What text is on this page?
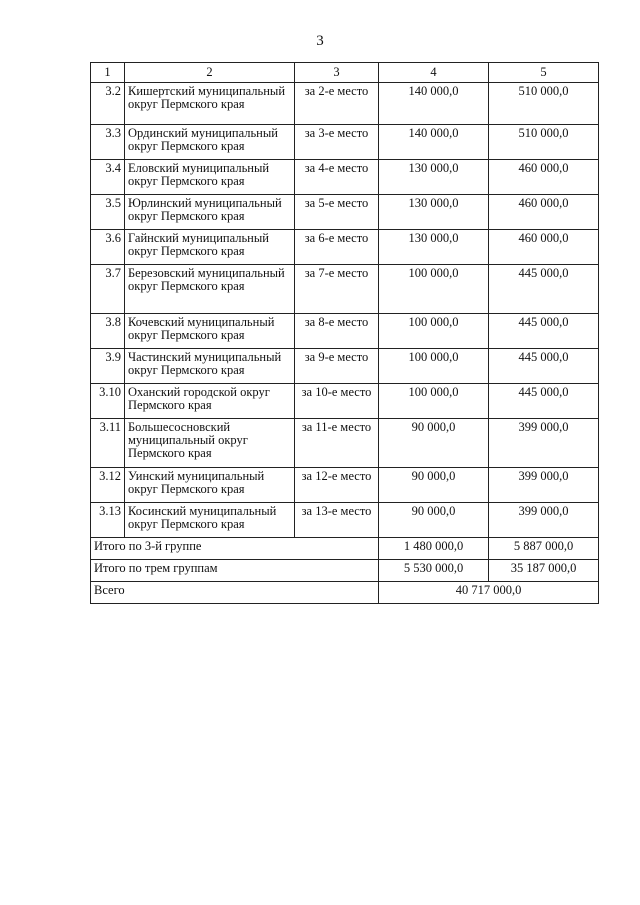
3
1	2	3	4	5
3.2	Кишертский муниципальный округ Пермского края	за 2-е место	140 000,0	510 000,0
3.3	Ординский муниципальный округ Пермского края	за 3-е место	140 000,0	510 000,0
3.4	Еловский муниципальный округ Пермского края	за 4-е место	130 000,0	460 000,0
3.5	Юрлинский муниципальный округ Пермского края	за 5-е место	130 000,0	460 000,0
3.6	Гайнский муниципальный округ Пермского края	за 6-е место	130 000,0	460 000,0
3.7	Березовский муниципальный округ Пермского края	за 7-е место	100 000,0	445 000,0
3.8	Кочевский муниципальный округ Пермского края	за 8-е место	100 000,0	445 000,0
3.9	Частинский муниципальный округ Пермского края	за 9-е место	100 000,0	445 000,0
3.10	Оханский городской округ Пермского края	за 10-е место	100 000,0	445 000,0
3.11	Большесосновский муниципальный округ Пермского края	за 11-е место	90 000,0	399 000,0
3.12	Уинский муниципальный округ Пермского края	за 12-е место	90 000,0	399 000,0
3.13	Косинский муниципальный округ Пермского края	за 13-е место	90 000,0	399 000,0
Итого по 3-й группе			1 480 000,0	5 887 000,0
Итого по трем группам			5 530 000,0	35 187 000,0
Всего			40 717 000,0	
